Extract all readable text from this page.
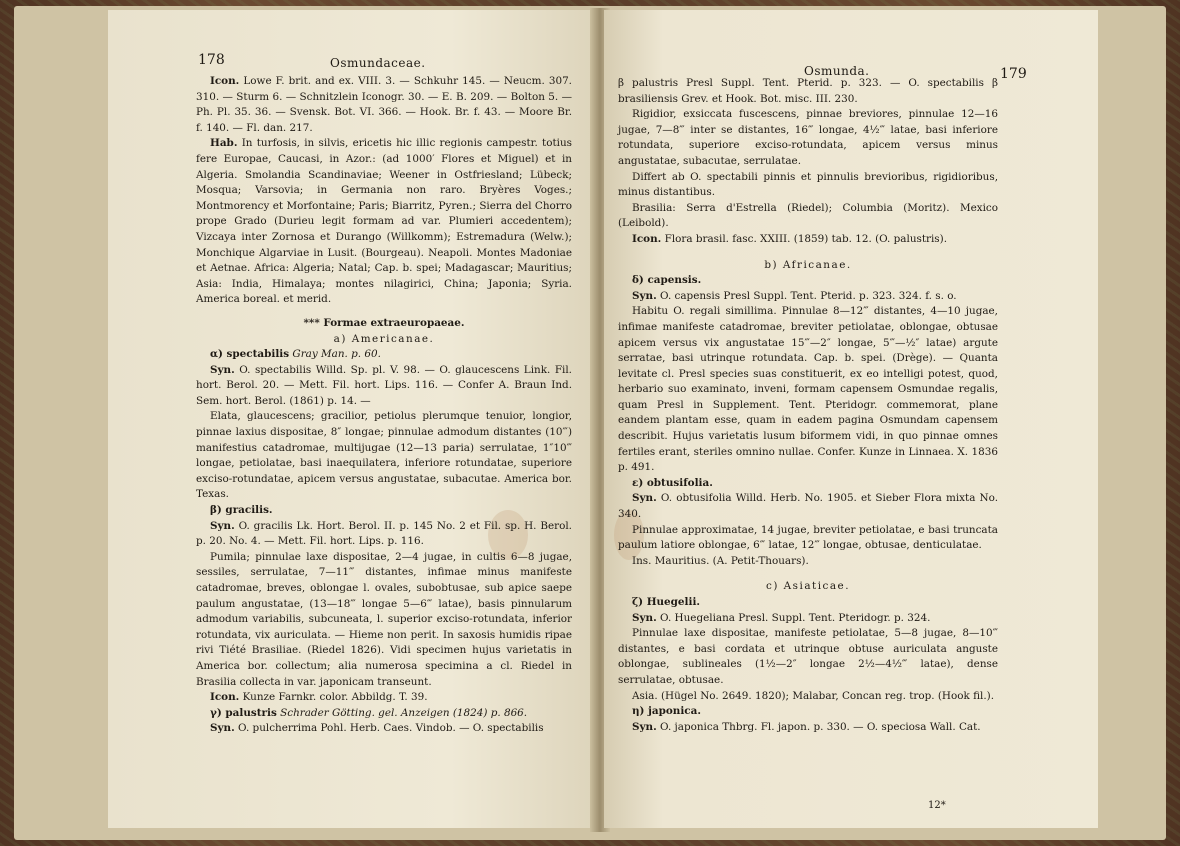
178	Osmundaceae.

Icon. Lowe F. brit. and ex. VIII. 3. — Schkuhr 145. — Neucm. 307. 310. — Sturm 6. — Schnitzlein Iconogr. 30. — E. B. 209. — Bolton 5. — Ph. Pl. 35. 36. — Svensk. Bot. VI. 366. — Hook. Br. f. 43. — Moore Br. f. 140. — Fl. dan. 217.

Hab. In turfosis, in silvis, ericetis hic illic regionis campestr. totius fere Europae, Caucasi, in Azor.: (ad 1000′ Flores et Miguel) et in Algeria. Smolandia Scandinaviae; Weener in Ostfriesland; Lübeck; Mosqua; Varsovia; in Germania non raro. Bryères Voges.; Montmorency et Morfontaine; Paris; Biarritz, Pyren.; Sierra del Chorro prope Grado (Durieu legit formam ad var. Plumieri accedentem); Vizcaya inter Zornosa et Durango (Willkomm); Estremadura (Welw.); Monchique Algarviae in Lusit. (Bourgeau). Neapoli. Montes Madoniae et Aetnae. Africa: Algeria; Natal; Cap. b. spei; Madagascar; Mauritius; Asia: India, Himalaya; montes nilagirici, China; Japonia; Syria. America boreal. et merid.

*** Formae extraeuropaeae.

a) Americanae.

α) spectabilis Gray Man. p. 60.

Syn. O. spectabilis Willd. Sp. pl. V. 98. — O. glaucescens Link. Fil. hort. Berol. 20. — Mett. Fil. hort. Lips. 116. — Confer A. Braun Ind. Sem. hort. Berol. (1861) p. 14. —

Elata, glaucescens; gracilior, petiolus plerumque tenuior, longior, pinnae laxius dispositae, 8″ longae; pinnulae admodum distantes (10‴) manifestius catadromae, multijugae (12—13 paria) serrulatae, 1″10‴ longae, petiolatae, basi inaequilatera, inferiore rotundatae, superiore exciso-rotundatae, apicem versus angustatae, subacutae. America bor. Texas.

β) gracilis.

Syn. O. gracilis Lk. Hort. Berol. II. p. 145 No. 2 et Fil. sp. H. Berol. p. 20. No. 4. — Mett. Fil. hort. Lips. p. 116.

Pumila; pinnulae laxe dispositae, 2—4 jugae, in cultis 6—8 jugae, sessiles, serrulatae, 7—11‴ distantes, infimae minus manifeste catadromae, breves, oblongae l. ovales, subobtusae, sub apice saepe paulum angustatae, (13—18‴ longae 5—6‴ latae), basis pinnularum admodum variabilis, subcuneata, l. superior exciso-rotundata, inferior rotundata, vix auriculata. — Hieme non perit. In saxosis humidis ripae rivi Tiété Brasiliae. (Riedel 1826). Vidi specimen hujus varietatis in America bor. collectum; alia numerosa specimina a cl. Riedel in Brasilia collecta in var. japonicam transeunt.

Icon. Kunze Farnkr. color. Abbildg. T. 39.

γ) palustris Schrader Götting. gel. Anzeigen (1824) p. 866.

Syn. O. pulcherrima Pohl. Herb. Caes. Vindob. — O. spectabilis

Osmunda.	179

β palustris Presl Suppl. Tent. Pterid. p. 323. — O. spectabilis β brasiliensis Grev. et Hook. Bot. misc. III. 230.

Rigidior, exsiccata fuscescens, pinnae breviores, pinnulae 12—16 jugae, 7—8‴ inter se distantes, 16‴ longae, 4½‴ latae, basi inferiore rotundata, superiore exciso-rotundata, apicem versus minus angustatae, subacutae, serrulatae.

Differt ab O. spectabili pinnis et pinnulis brevioribus, rigidioribus, minus distantibus.

Brasilia: Serra d'Estrella (Riedel); Columbia (Moritz). Mexico (Leibold).

Icon. Flora brasil. fasc. XXIII. (1859) tab. 12. (O. palustris).

b) Africanae.

δ) capensis.

Syn. O. capensis Presl Suppl. Tent. Pterid. p. 323. 324. f. s. o.

Habitu O. regali simillima. Pinnulae 8—12‴ distantes, 4—10 jugae, infimae manifeste catadromae, breviter petiolatae, oblongae, obtusae apicem versus vix angustatae 15‴—2″ longae, 5‴—½″ latae) argute serratae, basi utrinque rotundata. Cap. b. spei. (Drège). — Quanta levitate cl. Presl species suas constituerit, ex eo intelligi potest, quod, herbario suo examinato, inveni, formam capensem Osmundae regalis, quam Presl in Supplement. Tent. Pteridogr. commemorat, plane eandem plantam esse, quam in eadem pagina Osmundam capensem describit. Hujus varietatis lusum biformem vidi, in quo pinnae omnes fertiles erant, steriles omnino nullae. Confer. Kunze in Linnaea. X. 1836 p. 491.

ε) obtusifolia.

Syn. O. obtusifolia Willd. Herb. No. 1905. et Sieber Flora mixta No. 340.

Pinnulae approximatae, 14 jugae, breviter petiolatae, e basi truncata paulum latiore oblongae, 6‴ latae, 12‴ longae, obtusae, denticulatae.

Ins. Mauritius. (A. Petit-Thouars).

c) Asiaticae.

ζ) Huegelii.

Syn. O. Huegeliana Presl. Suppl. Tent. Pteridogr. p. 324.

Pinnulae laxe dispositae, manifeste petiolatae, 5—8 jugae, 8—10‴ distantes, e basi cordata et utrinque obtuse auriculata anguste oblongae, sublineales (1½—2″ longae 2½—4½‴ latae), dense serrulatae, obtusae.

Asia. (Hügel No. 2649. 1820); Malabar, Concan reg. trop. (Hook fil.).

η) japonica.

Syn. O. japonica Thbrg. Fl. japon. p. 330. — O. speciosa Wall. Cat.

12*
